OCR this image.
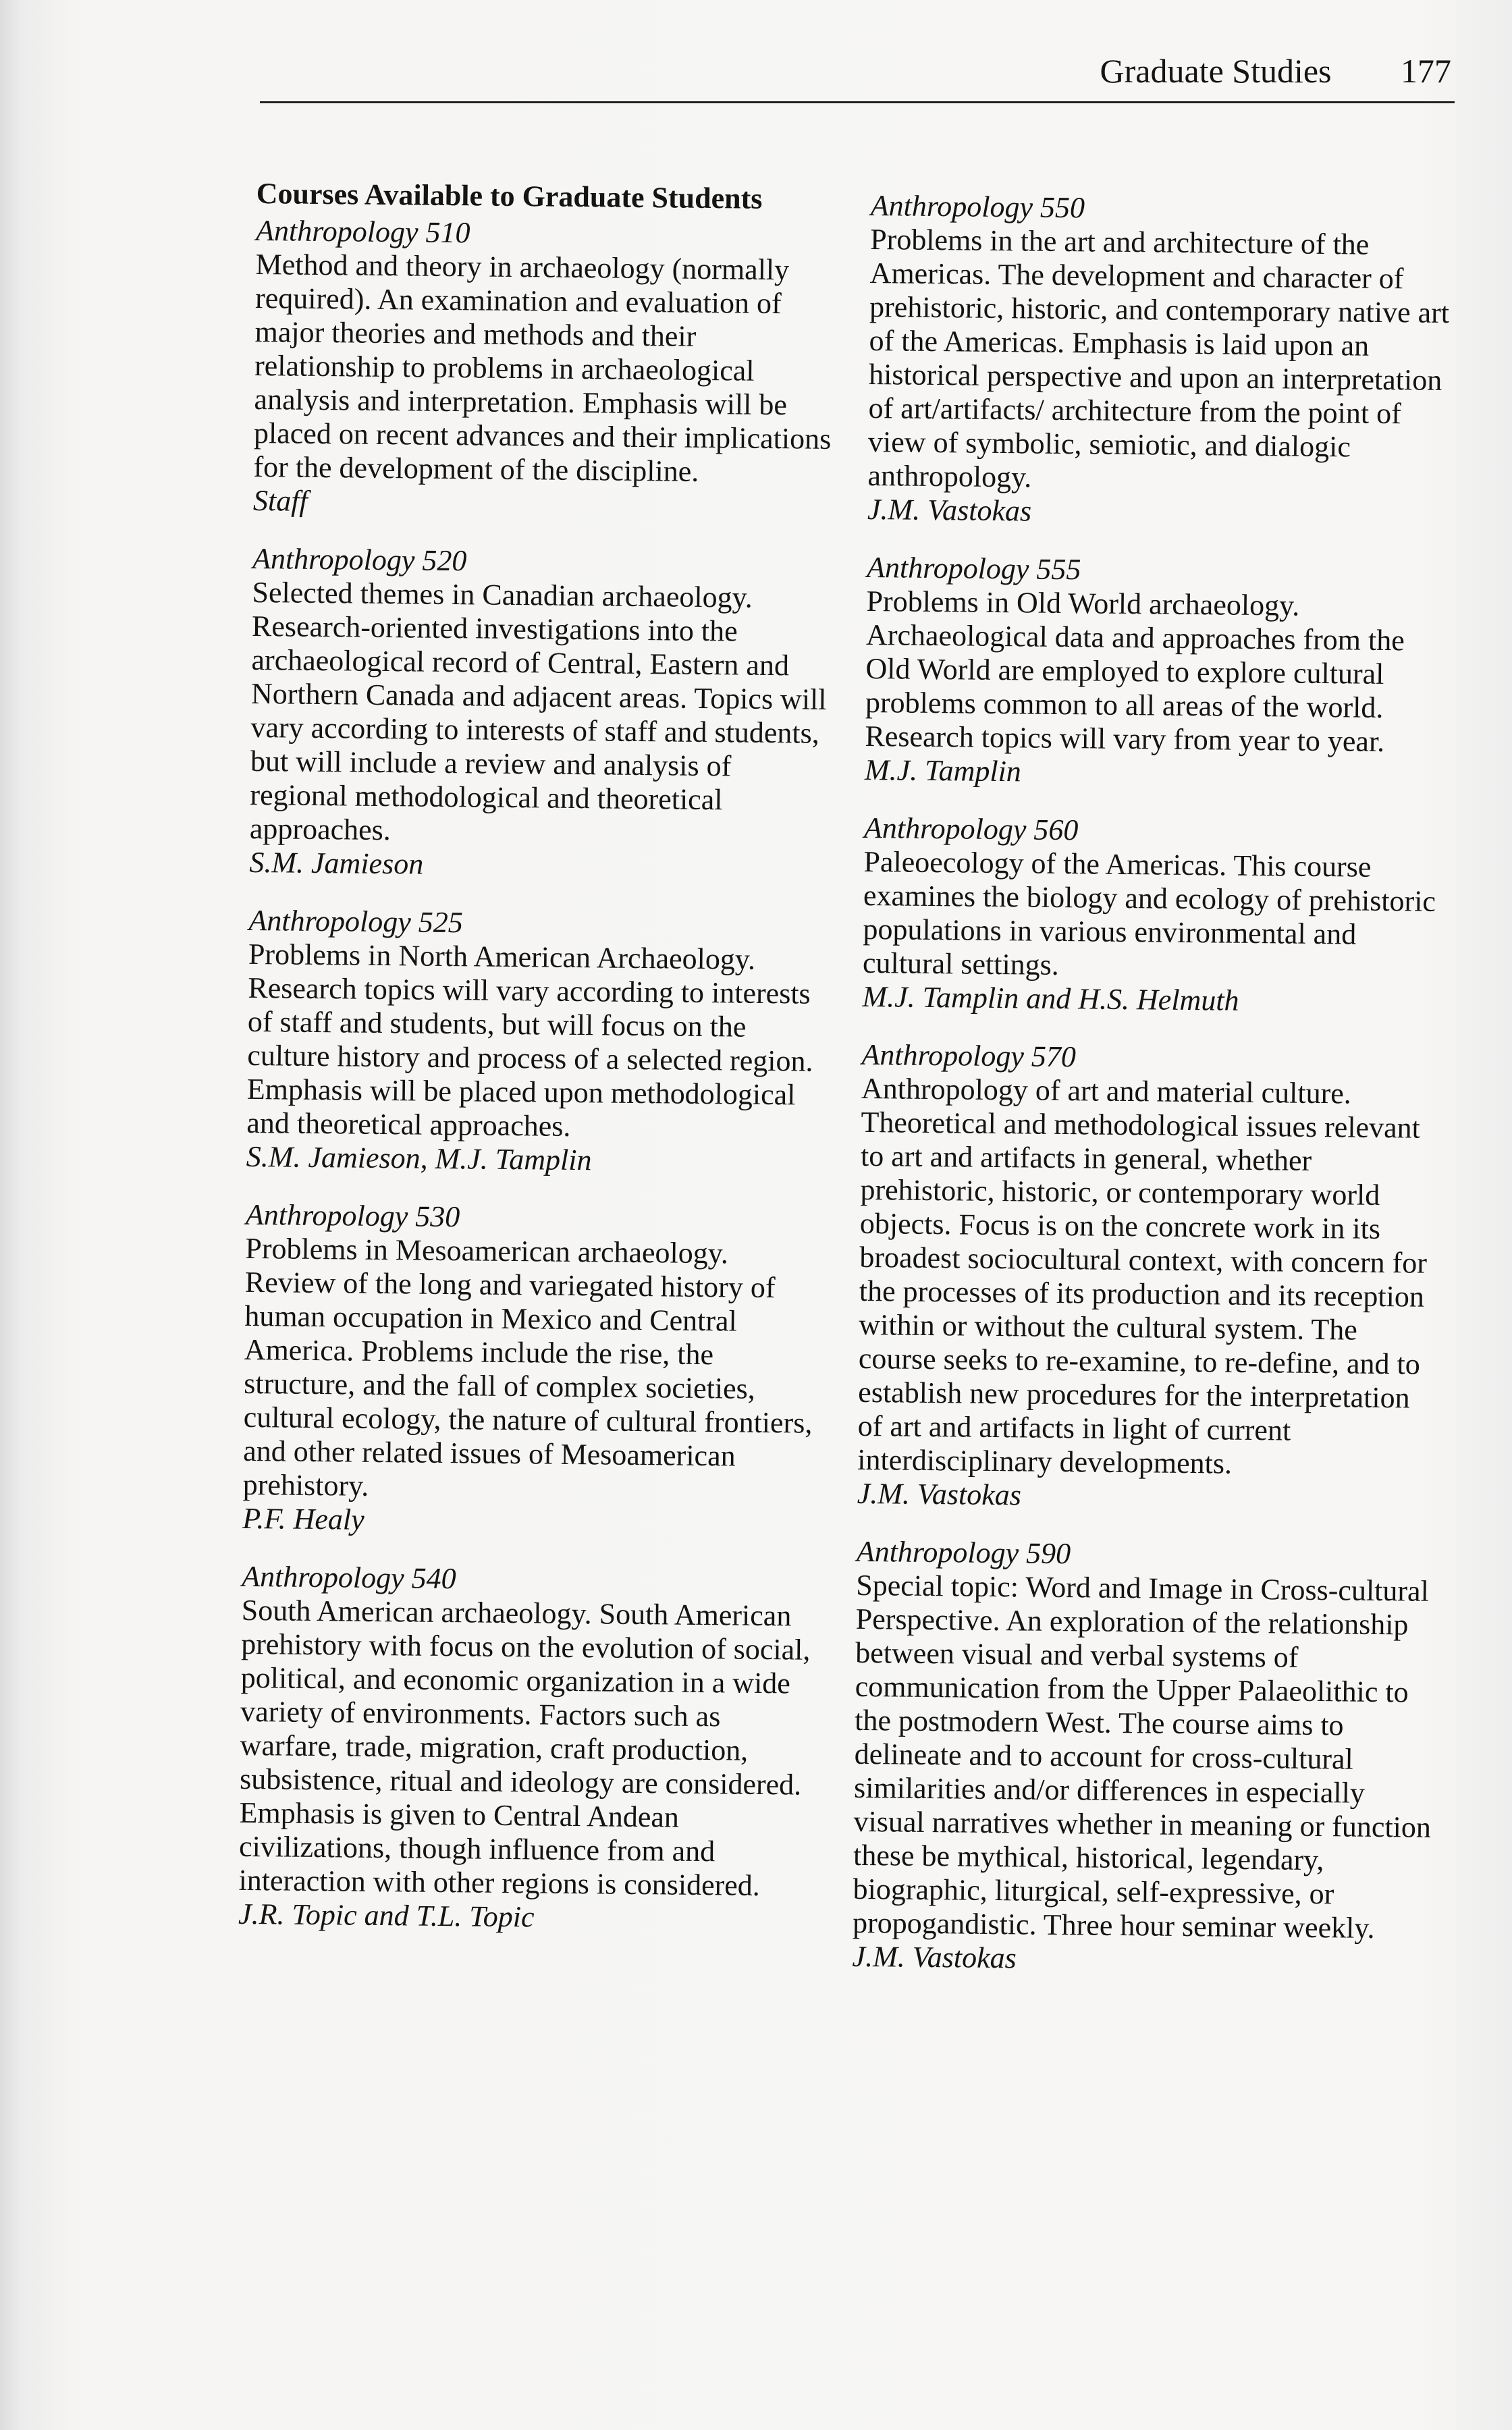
Graduate Studies 177
Courses Available to Graduate Students
Anthropology 510

Method and theory in archaeology (normally required). An examination and evaluation of major theories and methods and their relationship to problems in archaeological analysis and interpretation. Emphasis will be placed on recent advances and their implications for the development of the discipline.

Staff
Anthropology 520

Selected themes in Canadian archaeology. Research-oriented investigations into the archaeological record of Central, Eastern and Northern Canada and adjacent areas. Topics will vary according to interests of staff and students, but will include a review and analysis of regional methodological and theoretical approaches.

S.M. Jamieson
Anthropology 525

Problems in North American Archaeology. Research topics will vary according to interests of staff and students, but will focus on the culture history and process of a selected region. Emphasis will be placed upon methodological and theoretical approaches.

S.M. Jamieson, M.J. Tamplin
Anthropology 530

Problems in Mesoamerican archaeology. Review of the long and variegated history of human occupation in Mexico and Central America. Problems include the rise, the structure, and the fall of complex societies, cultural ecology, the nature of cultural frontiers, and other related issues of Mesoamerican prehistory.

P.F. Healy
Anthropology 540

South American archaeology. South American prehistory with focus on the evolution of social, political, and economic organization in a wide variety of environments. Factors such as warfare, trade, migration, craft production, subsistence, ritual and ideology are considered. Emphasis is given to Central Andean civilizations, though influence from and interaction with other regions is considered.

J.R. Topic and T.L. Topic
Anthropology 550

Problems in the art and architecture of the Americas. The development and character of prehistoric, historic, and contemporary native art of the Americas. Emphasis is laid upon an historical perspective and upon an interpretation of art/artifacts/ architecture from the point of view of symbolic, semiotic, and dialogic anthropology.

J.M. Vastokas
Anthropology 555

Problems in Old World archaeology. Archaeological data and approaches from the Old World are employed to explore cultural problems common to all areas of the world. Research topics will vary from year to year.

M.J. Tamplin
Anthropology 560

Paleoecology of the Americas. This course examines the biology and ecology of prehistoric populations in various environmental and cultural settings.

M.J. Tamplin and H.S. Helmuth
Anthropology 570

Anthropology of art and material culture. Theoretical and methodological issues relevant to art and artifacts in general, whether prehistoric, historic, or contemporary world objects. Focus is on the concrete work in its broadest sociocultural context, with concern for the processes of its production and its reception within or without the cultural system. The course seeks to re-examine, to re-define, and to establish new procedures for the interpretation of art and artifacts in light of current interdisciplinary developments.

J.M. Vastokas
Anthropology 590

Special topic: Word and Image in Cross-cultural Perspective. An exploration of the relationship between visual and verbal systems of communication from the Upper Palaeolithic to the postmodern West. The course aims to delineate and to account for cross-cultural similarities and/or differences in especially visual narratives whether in meaning or function these be mythical, historical, legendary, biographic, liturgical, self-expressive, or propogandistic. Three hour seminar weekly.

J.M. Vastokas
